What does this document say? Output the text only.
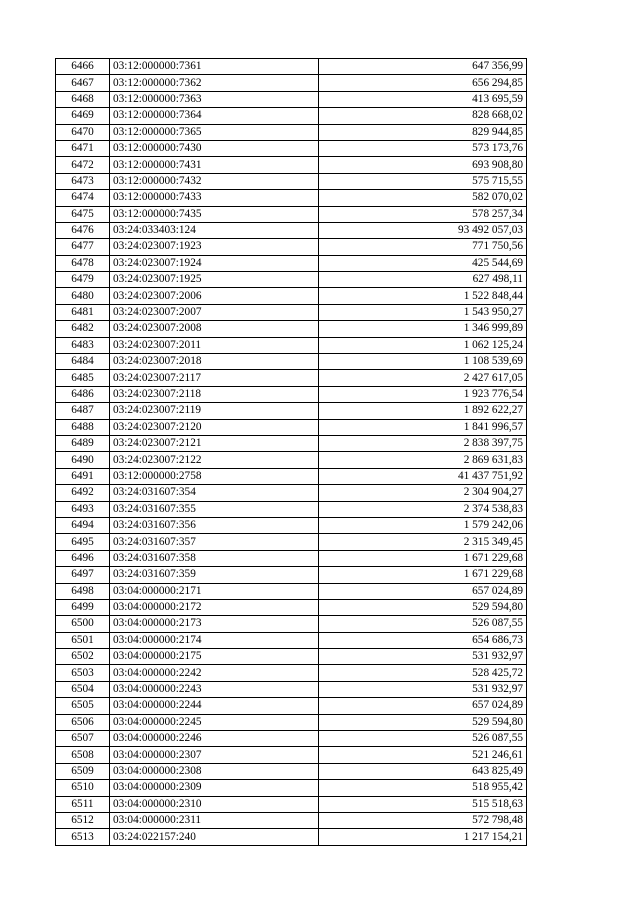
6466	03:12:000000:7361	647 356,99
6467	03:12:000000:7362	656 294,85
6468	03:12:000000:7363	413 695,59
6469	03:12:000000:7364	828 668,02
6470	03:12:000000:7365	829 944,85
6471	03:12:000000:7430	573 173,76
6472	03:12:000000:7431	693 908,80
6473	03:12:000000:7432	575 715,55
6474	03:12:000000:7433	582 070,02
6475	03:12:000000:7435	578 257,34
6476	03:24:033403:124	93 492 057,03
6477	03:24:023007:1923	771 750,56
6478	03:24:023007:1924	425 544,69
6479	03:24:023007:1925	627 498,11
6480	03:24:023007:2006	1 522 848,44
6481	03:24:023007:2007	1 543 950,27
6482	03:24:023007:2008	1 346 999,89
6483	03:24:023007:2011	1 062 125,24
6484	03:24:023007:2018	1 108 539,69
6485	03:24:023007:2117	2 427 617,05
6486	03:24:023007:2118	1 923 776,54
6487	03:24:023007:2119	1 892 622,27
6488	03:24:023007:2120	1 841 996,57
6489	03:24:023007:2121	2 838 397,75
6490	03:24:023007:2122	2 869 631,83
6491	03:12:000000:2758	41 437 751,92
6492	03:24:031607:354	2 304 904,27
6493	03:24:031607:355	2 374 538,83
6494	03:24:031607:356	1 579 242,06
6495	03:24:031607:357	2 315 349,45
6496	03:24:031607:358	1 671 229,68
6497	03:24:031607:359	1 671 229,68
6498	03:04:000000:2171	657 024,89
6499	03:04:000000:2172	529 594,80
6500	03:04:000000:2173	526 087,55
6501	03:04:000000:2174	654 686,73
6502	03:04:000000:2175	531 932,97
6503	03:04:000000:2242	528 425,72
6504	03:04:000000:2243	531 932,97
6505	03:04:000000:2244	657 024,89
6506	03:04:000000:2245	529 594,80
6507	03:04:000000:2246	526 087,55
6508	03:04:000000:2307	521 246,61
6509	03:04:000000:2308	643 825,49
6510	03:04:000000:2309	518 955,42
6511	03:04:000000:2310	515 518,63
6512	03:04:000000:2311	572 798,48
6513	03:24:022157:240	1 217 154,21
